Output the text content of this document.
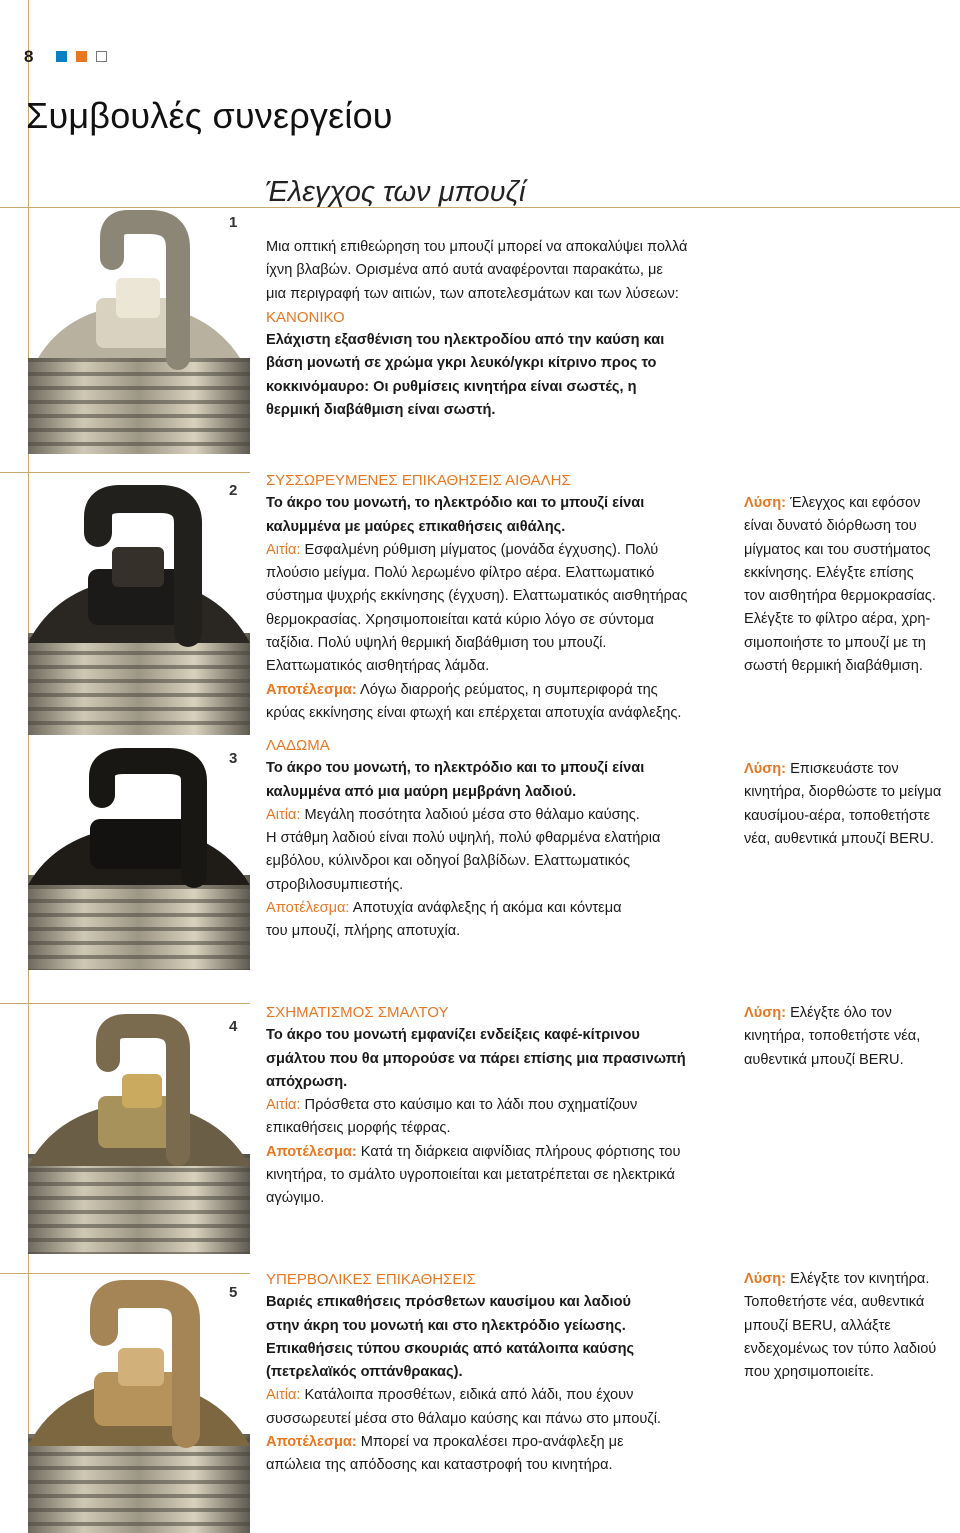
8
Συμβουλές συνεργείου
Έλεγχος των μπουζί
1
2
3
4
5

Μια οπτική επιθεώρηση του μπουζί μπορεί να αποκαλύψει πολλά

ίχνη βλαβών. Ορισμένα από αυτά αναφέρονται παρακάτω, με

μια περιγραφή των αιτιών, των αποτελεσμάτων και των λύσεων:

ΚΑΝΟΝΙΚΟ

Ελάχιστη εξασθένιση του ηλεκτροδίου από την καύση και

βάση μονωτή σε χρώμα γκρι λευκό/γκρι κίτρινο προς το

κοκκινόμαυρο: Οι ρυθμίσεις κινητήρα είναι σωστές, η

θερμική διαβάθμιση είναι σωστή.

ΣΥΣΣΩΡΕΥΜΕΝΕΣ ΕΠΙΚΑΘΗΣΕΙΣ ΑΙΘΑΛΗΣ

Το άκρο του μονωτή, το ηλεκτρόδιο και το μπουζί είναι

καλυμμένα με μαύρες επικαθήσεις αιθάλης.

Αιτία: Εσφαλμένη ρύθμιση μίγματος (μονάδα έγχυσης). Πολύ

πλούσιο μείγμα. Πολύ λερωμένο φίλτρο αέρα. Ελαττωματικό

σύστημα ψυχρής εκκίνησης (έγχυση). Ελαττωματικός αισθητήρας

θερμοκρασίας. Χρησιμοποιείται κατά κύριο λόγο σε σύντομα

ταξίδια. Πολύ υψηλή θερμική διαβάθμιση του μπουζί.

Ελαττωματικός αισθητήρας λάμδα.

Αποτέλεσμα: Λόγω διαρροής ρεύματος, η συμπεριφορά της

κρύας εκκίνησης είναι φτωχή και επέρχεται αποτυχία ανάφλεξης.

Λύση: Έλεγχος και εφόσον

είναι δυνατό διόρθωση του

μίγματος και του συστήματος

εκκίνησης. Ελέγξτε επίσης

τον αισθητήρα θερμοκρασίας.

Ελέγξτε το φίλτρο αέρα, χρη-

σιμοποιήστε το μπουζί με τη

σωστή θερμική διαβάθμιση.

ΛΑΔΩΜΑ

Το άκρο του μονωτή, το ηλεκτρόδιο και το μπουζί είναι

καλυμμένα από μια μαύρη μεμβράνη λαδιού.

Αιτία: Μεγάλη ποσότητα λαδιού μέσα στο θάλαμο καύσης.

Η στάθμη λαδιού είναι πολύ υψηλή, πολύ φθαρμένα ελατήρια

εμβόλου, κύλινδροι και οδηγοί βαλβίδων. Ελαττωματικός

στροβιλοσυμπιεστής.

Αποτέλεσμα: Αποτυχία ανάφλεξης ή ακόμα και κόντεμα

του μπουζί, πλήρης αποτυχία.

Λύση: Επισκευάστε τον

κινητήρα, διορθώστε το μείγμα

καυσίμου-αέρα, τοποθετήστε

νέα, αυθεντικά μπουζί BERU.

ΣΧΗΜΑΤΙΣΜΟΣ ΣΜΑΛΤΟΥ

Το άκρο του μονωτή εμφανίζει ενδείξεις καφέ-κίτρινου

σμάλτου που θα μπορούσε να πάρει επίσης μια πρασινωπή

απόχρωση.

Αιτία: Πρόσθετα στο καύσιμο και το λάδι που σχηματίζουν

επικαθήσεις μορφής τέφρας.

Αποτέλεσμα: Κατά τη διάρκεια αιφνίδιας πλήρους φόρτισης του

κινητήρα, το σμάλτο υγροποιείται και μετατρέπεται σε ηλεκτρικά

αγώγιμο.

Λύση: Ελέγξτε όλο τον

κινητήρα, τοποθετήστε νέα,

αυθεντικά μπουζί BERU.

ΥΠΕΡΒΟΛΙΚΕΣ ΕΠΙΚΑΘΗΣΕΙΣ

Βαριές επικαθήσεις πρόσθετων καυσίμου και λαδιού

στην άκρη του μονωτή και στο ηλεκτρόδιο γείωσης.

Επικαθήσεις τύπου σκουριάς από κατάλοιπα καύσης

(πετρελαϊκός οπτάνθρακας).

Αιτία: Κατάλοιπα προσθέτων, ειδικά από λάδι, που έχουν

συσσωρευτεί μέσα στο θάλαμο καύσης και πάνω στο μπουζί.

Αποτέλεσμα: Μπορεί να προκαλέσει προ-ανάφλεξη με

απώλεια της απόδοσης και καταστροφή του κινητήρα.

Λύση: Ελέγξτε τον κινητήρα.

Τοποθετήστε νέα, αυθεντικά

μπουζί BERU, αλλάξτε

ενδεχομένως τον τύπο λαδιού

που χρησιμοποιείτε.
